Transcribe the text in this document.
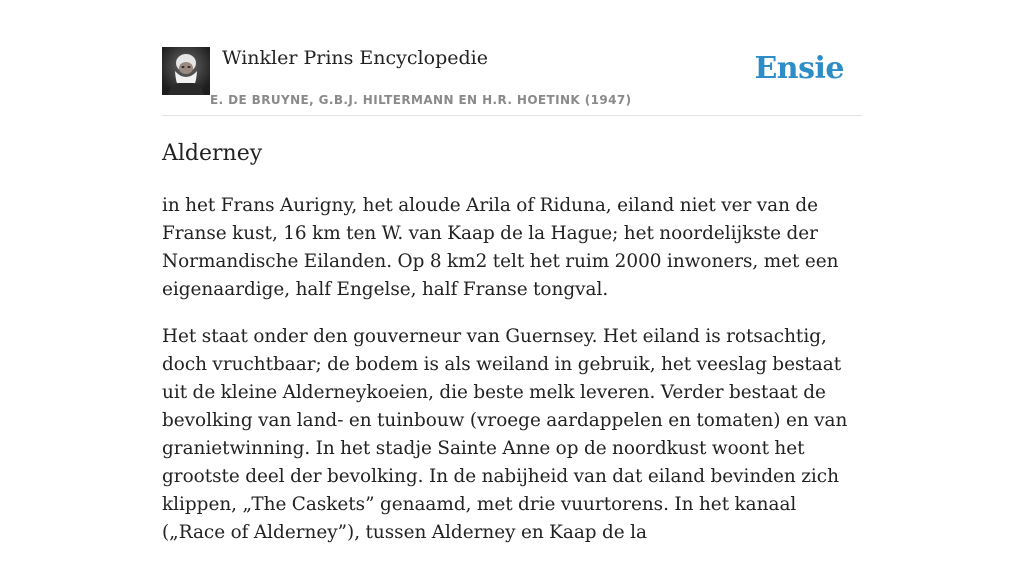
Winkler Prins Encyclopedie
E. DE BRUYNE, G.B.J. HILTERMANN EN H.R. HOETINK (1947)
Ensie
Alderney

in het Frans Aurigny, het aloude Arila of Riduna, eiland niet ver van de Franse kust, 16 km ten W. van Kaap de la Hague; het noordelijkste der Normandische Eilanden. Op 8 km2 telt het ruim 2000 inwoners, met een eigenaardige, half Engelse, half Franse tongval.

Het staat onder den gouverneur van Guernsey. Het eiland is rotsachtig, doch vruchtbaar; de bodem is als weiland in gebruik, het veeslag bestaat uit de kleine Alderneykoeien, die beste melk leveren. Verder bestaat de bevolking van land- en tuinbouw (vroege aardappelen en tomaten) en van granietwinning. In het stadje Sainte Anne op de noordkust woont het grootste deel der bevolking. In de nabijheid van dat eiland bevinden zich klippen, „The Caskets” genaamd, met drie vuurtorens. In het kanaal („Race of Alderney”), tussen Alderney en Kaap de la
